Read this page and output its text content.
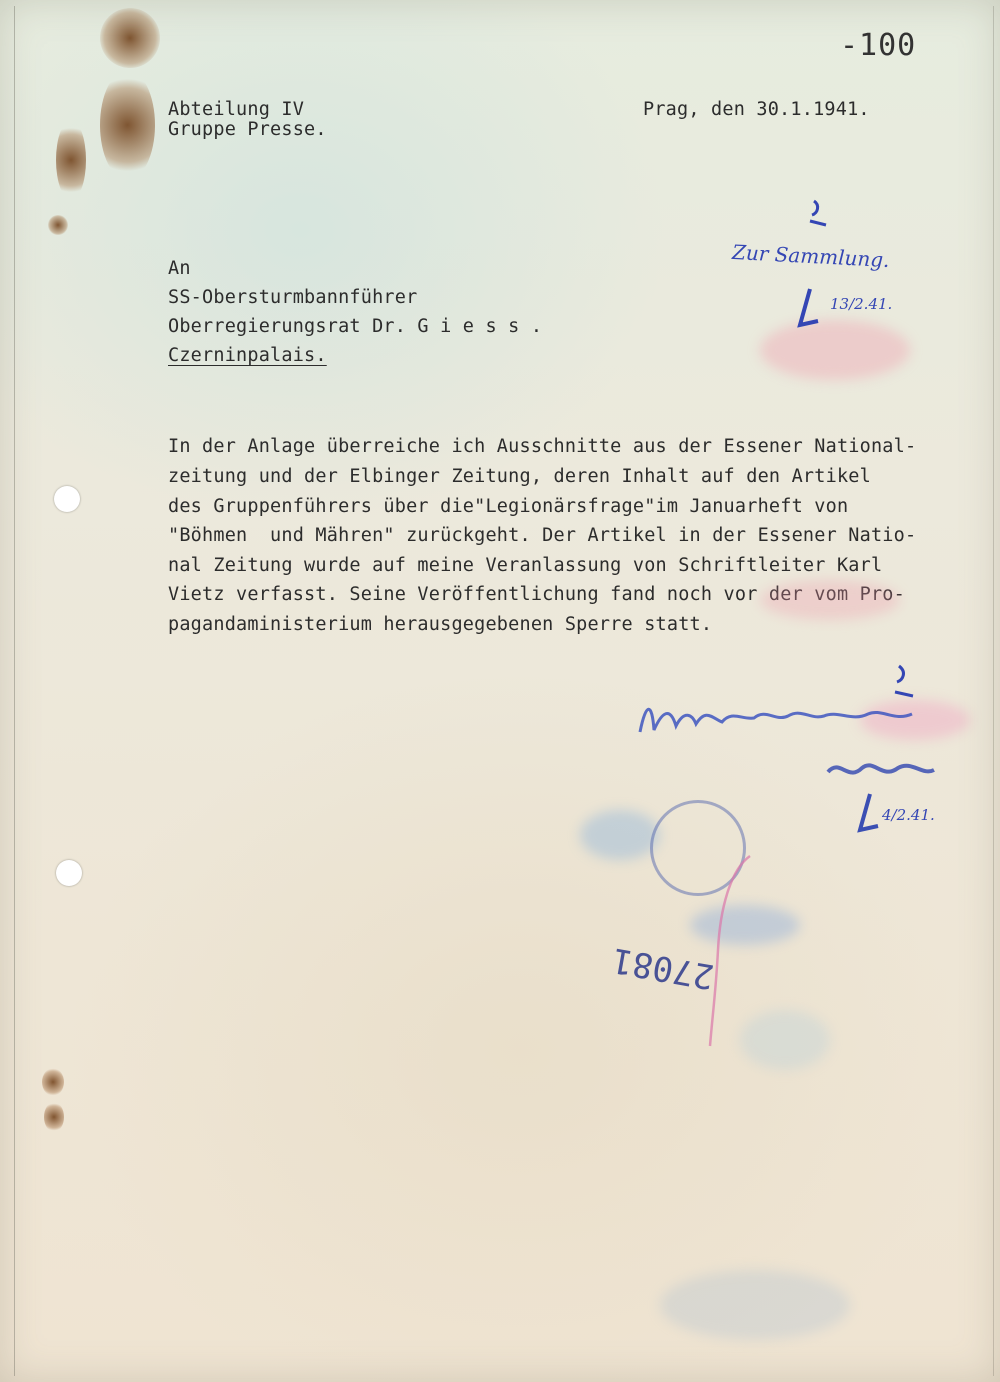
-100
Abteilung IV
Gruppe Presse.
Prag, den 30.1.1941.
An
SS-Obersturmbannführer
Oberregierungsrat Dr. G i e s s .
Czerninpalais.
In der Anlage überreiche ich Ausschnitte aus der Essener National-
zeitung und der Elbinger Zeitung, deren Inhalt auf den Artikel
des Gruppenführers über die"Legionärsfrage"im Januarheft von
"Böhmen  und Mähren" zurückgeht. Der Artikel in der Essener Natio-
nal Zeitung wurde auf meine Veranlassung von Schriftleiter Karl
Vietz verfasst. Seine Veröffentlichung fand noch vor der vom Pro-
pagandaministerium herausgegebenen Sperre statt.
Zur Sammlung.
13/2.41.
4/2.41.
27081
